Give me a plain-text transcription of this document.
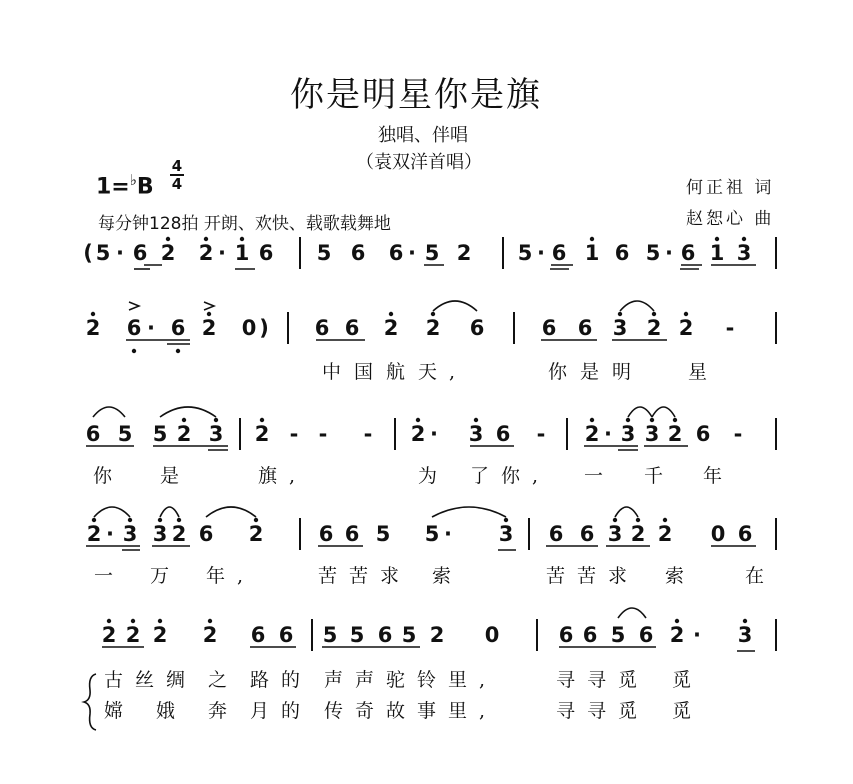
你是明星你是旗
独唱、伴唱
（袁双洋首唱）
1=♭B
4
4
每分钟128拍 开朗、欢快、载歌载舞地
何正祖 词
赵恕心 曲
( 5 · 6 2 2 · 1 6 5 6 6 · 5 2 5 · 6 1 6 5 · 6 1 3
2 6 · 6 2 0 ) 6 6 2 2 6	6 6 3 2 2 -
6 5 5 2 3 2 - - - 2 · 3 6 - 2 · 3 3 2 6 -
2 · 3 3 2 6 2	6 6 5 5 · 3 6 6 3 2 2 0 6
2 2 2 2 6 6 5 5 6 5 2 0	6 6 5 6 2 · 3
中 国 航 天,	你 是 明 星
你 是	旗,	为 了你, 一 千 年
一 万 年,	苦苦求 索	苦苦求 索	在
古丝绸 之 路的 声声驼铃里,	寻寻觅 觅
嫦 娥 奔 月的 传奇故事里,	寻寻觅 觅
